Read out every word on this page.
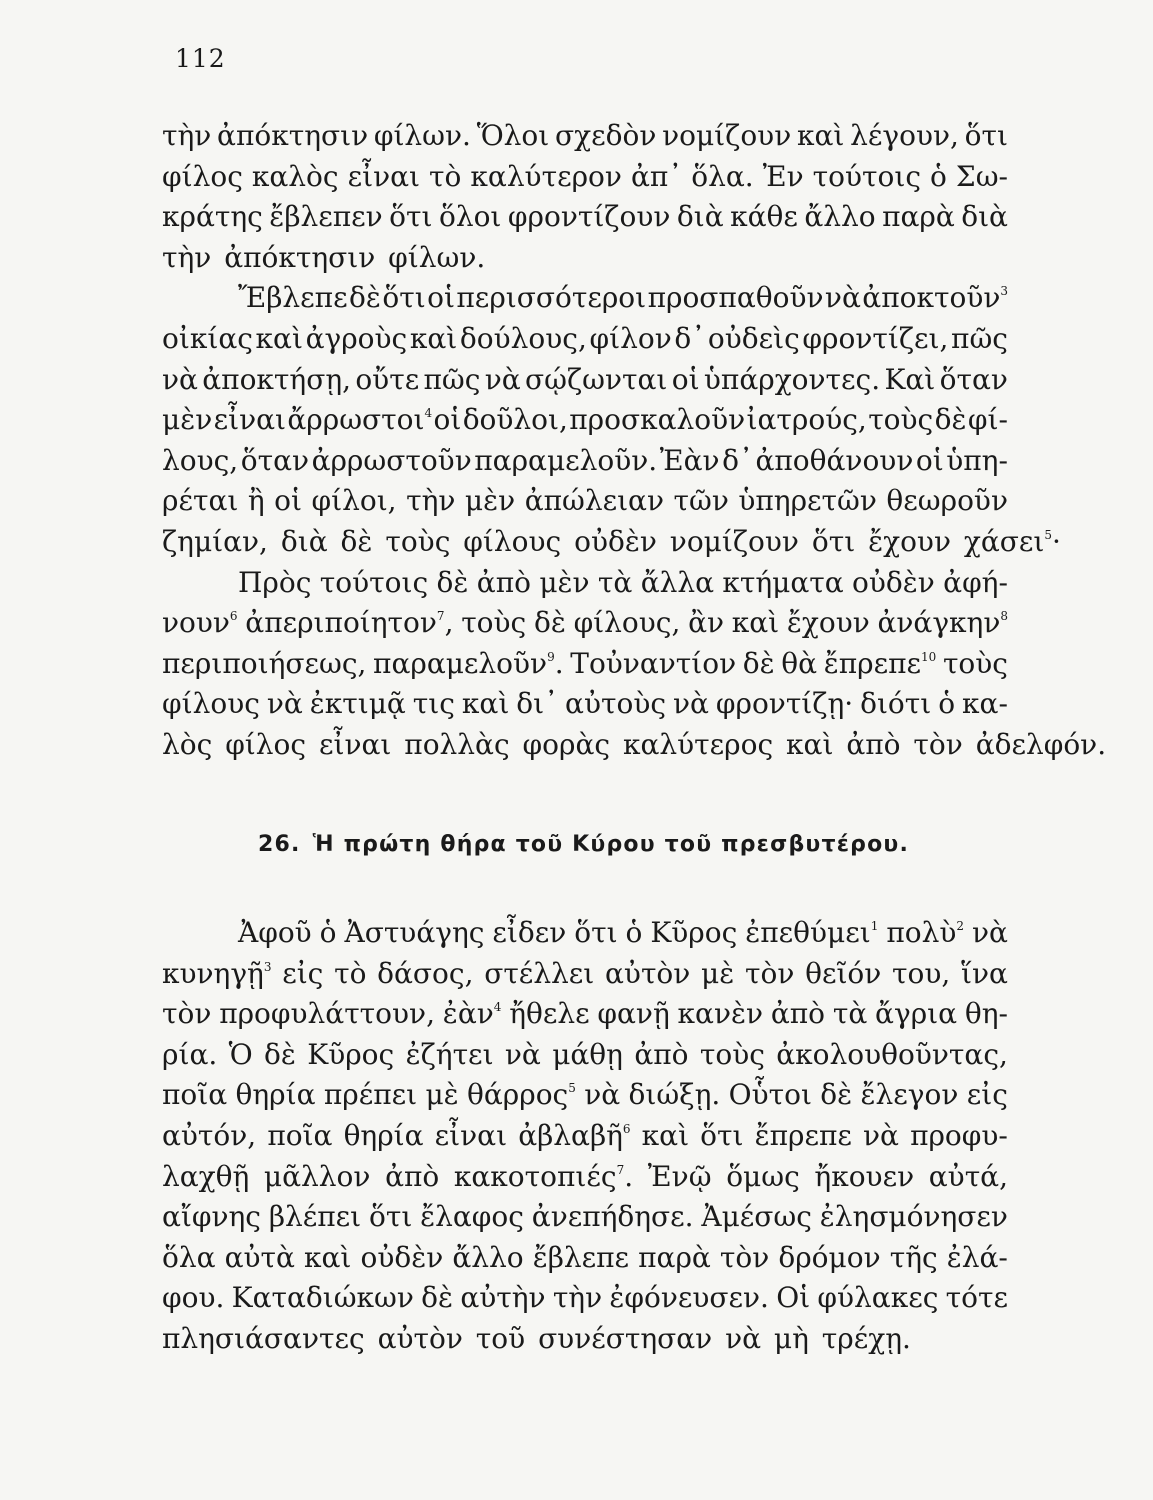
112
τὴν ἀπόκτησιν φίλων. Ὅλοι σχεδὸν νομίζουν καὶ λέγουν, ὅτι
φίλος καλὸς εἶναι τὸ καλύτερον ἀπ᾽ ὅλα. Ἐν τούτοις ὁ Σω-
κράτης ἔβλεπεν ὅτι ὅλοι φροντίζουν διὰ κάθε ἄλλο παρὰ διὰ
τὴν
ἀπόκτησιν
φίλων.
Ἔβλεπε δὲ ὅτι οἱ περισσότεροι προσπαθοῦν νὰ ἀποκτοῦν$^3$
οἰκίας καὶ ἀγροὺς καὶ δούλους, φίλον δ᾽ οὐδεὶς φροντίζει, πῶς
νὰ ἀποκτήσῃ, οὔτε πῶς νὰ σῴζωνται οἱ ὑπάρχοντες. Καὶ ὅταν
μὲν εἶναι ἄρρωστοι$^4$ οἱ δοῦλοι, προσκαλοῦν ἰατρούς, τοὺς δὲ φί-
λους, ὅταν ἀρρωστοῦν παραμελοῦν. Ἐὰν δ᾽ ἀποθάνουν οἱ ὑπη-
ρέται ἢ οἱ φίλοι, τὴν μὲν ἀπώλειαν τῶν ὑπηρετῶν θεωροῦν
ζημίαν,
διὰ
δὲ
τοὺς
φίλους
οὐδὲν
νομίζουν
ὅτι
ἔχουν
χάσει$^5$·
Πρὸς τούτοις δὲ ἀπὸ μὲν τὰ ἄλλα κτήματα οὐδὲν ἀφή-
νουν$^6$ ἀπεριποίητον$^7$, τοὺς δὲ φίλους, ἂν καὶ ἔχουν ἀνάγκην$^8$
περιποιήσεως, παραμελοῦν$^9$. Τοὐναντίον δὲ θὰ ἔπρεπε$^{10}$ τοὺς
φίλους νὰ ἐκτιμᾷ τις καὶ δι᾽ αὐτοὺς νὰ φροντίζῃ· διότι ὁ κα-
λὸς
φίλος
εἶναι
πολλὰς
φορὰς
καλύτερος
καὶ
ἀπὸ
τὸν
ἀδελφόν.
26. Ἡ πρώτη θήρα τοῦ Κύρου τοῦ πρεσβυτέρου.
Ἀφοῦ ὁ Ἀστυάγης εἶδεν ὅτι ὁ Κῦρος ἐπεθύμει$^1$ πολὺ$^2$ νὰ
κυνηγῇ$^3$ εἰς τὸ δάσος, στέλλει αὐτὸν μὲ τὸν θεῖόν του, ἵνα
τὸν προφυλάττουν, ἐὰν$^4$ ἤθελε φανῇ κανὲν ἀπὸ τὰ ἄγρια θη-
ρία. Ὁ δὲ Κῦρος ἐζήτει νὰ μάθῃ ἀπὸ τοὺς ἀκολουθοῦντας,
ποῖα θηρία πρέπει μὲ θάρρος$^5$ νὰ διώξῃ. Οὗτοι δὲ ἔλεγον εἰς
αὐτόν, ποῖα θηρία εἶναι ἀβλαβῆ$^6$ καὶ ὅτι ἔπρεπε νὰ προφυ-
λαχθῇ μᾶλλον ἀπὸ κακοτοπιές$^7$. Ἐνῷ ὅμως ἤκουεν αὐτά,
αἴφνης βλέπει ὅτι ἔλαφος ἀνεπήδησε. Ἀμέσως ἐλησμόνησεν
ὅλα αὐτὰ καὶ οὐδὲν ἄλλο ἔβλεπε παρὰ τὸν δρόμον τῆς ἐλά-
φου. Καταδιώκων δὲ αὐτὴν τὴν ἐφόνευσεν. Οἱ φύλακες τότε
πλησιάσαντες
αὐτὸν
τοῦ
συνέστησαν
νὰ
μὴ
τρέχῃ.
